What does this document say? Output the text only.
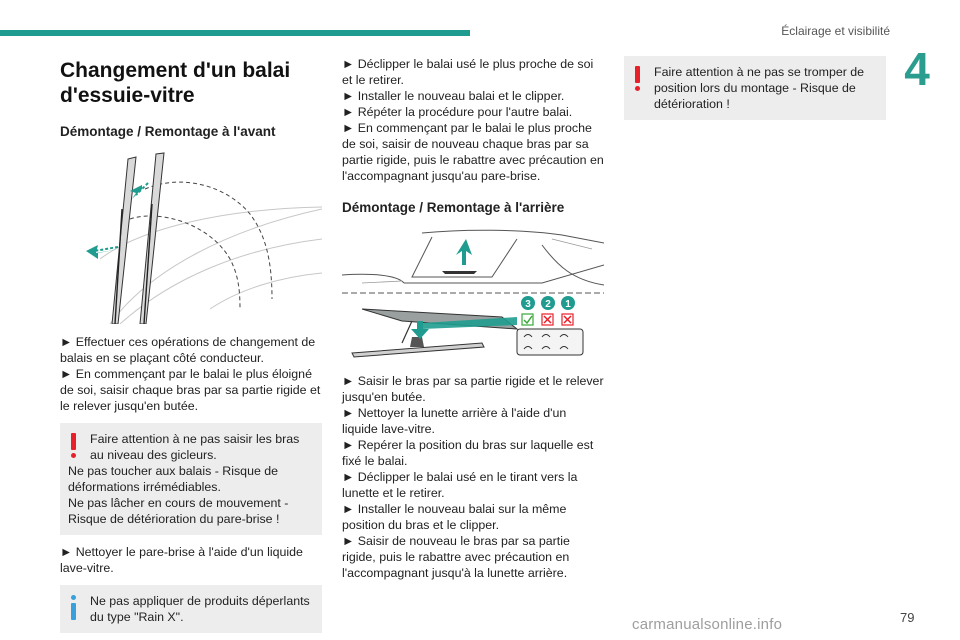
Éclairage et visibilité
4
Changement d'un balai d'essuie-vitre
Démontage / Remontage à l'avant

► Effectuer ces opérations de changement de balais en se plaçant côté conducteur.

► En commençant par le balai le plus éloigné de soi, saisir chaque bras par sa partie rigide et le relever jusqu'en butée.

Faire attention à ne pas saisir les bras au niveau des gicleurs.

Ne pas toucher aux balais - Risque de déformations irrémédiables.

Ne pas lâcher en cours de mouvement - Risque de détérioration du pare-brise !

► Nettoyer le pare-brise à l'aide d'un liquide lave-vitre.

Ne pas appliquer de produits déperlants du type "Rain X".

► Déclipper le balai usé le plus proche de soi et le retirer.

► Installer le nouveau balai et le clipper.

► Répéter la procédure pour l'autre balai.

► En commençant par le balai le plus proche de soi, saisir de nouveau chaque bras par sa partie rigide, puis le rabattre avec précaution en l'accompagnant jusqu'au pare-brise.

Démontage / Remontage à l'arrière
3 2 1

► Saisir le bras par sa partie rigide et le relever jusqu'en butée.

► Nettoyer la lunette arrière à l'aide d'un liquide lave-vitre.

► Repérer la position du bras sur laquelle est fixé le balai.

► Déclipper le balai usé en le tirant vers la lunette et le retirer.

► Installer le nouveau balai sur la même position du bras et le clipper.

► Saisir de nouveau le bras par sa partie rigide, puis le rabattre avec précaution en l'accompagnant jusqu'à la lunette arrière.

Faire attention à ne pas se tromper de position lors du montage - Risque de détérioration !

carmanualsonline.info	79
